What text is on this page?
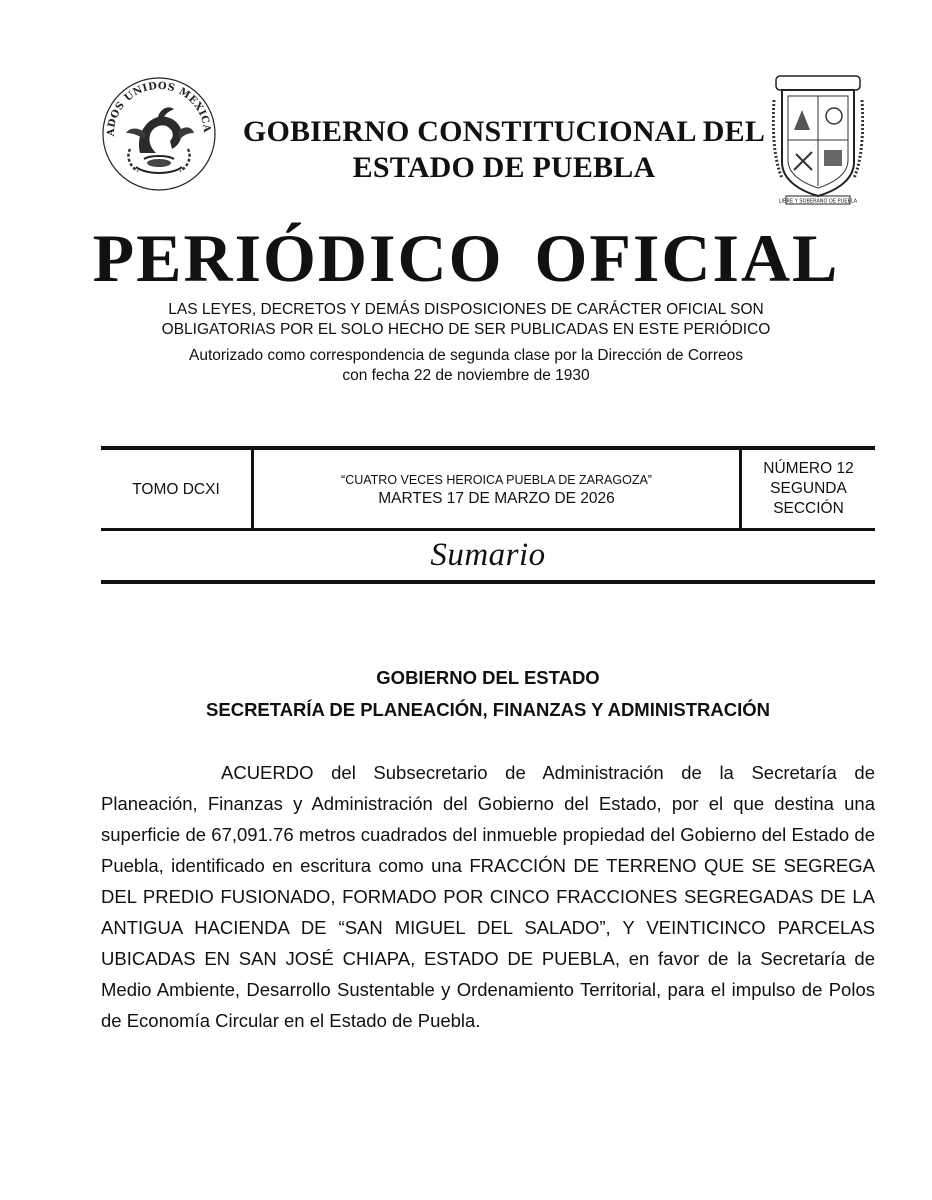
ADOS UNIDOS MEXICA
LIBRE Y SOBERANO DE PUEBLA
GOBIERNO CONSTITUCIONAL DEL
ESTADO DE PUEBLA
PERIÓDICO OFICIAL
LAS LEYES, DECRETOS Y DEMÁS DISPOSICIONES DE CARÁCTER OFICIAL SON
OBLIGATORIAS POR EL SOLO HECHO DE SER PUBLICADAS EN ESTE PERIÓDICO
Autorizado como correspondencia de segunda clase por la Dirección de Correos
con fecha 22 de noviembre de 1930
TOMO DCXI
“CUATRO VECES HEROICA PUEBLA DE ZARAGOZA”
MARTES 17 DE MARZO DE 2026
NÚMERO 12
SEGUNDA
SECCIÓN
Sumario
GOBIERNO DEL ESTADO
SECRETARÍA DE PLANEACIÓN, FINANZAS Y ADMINISTRACIÓN

ACUERDO del Subsecretario de Administración de la Secretaría de Planeación, Finanzas y Administración del Gobierno del Estado, por el que destina una superficie de 67,091.76 metros cuadrados del inmueble propiedad del Gobierno del Estado de Puebla, identificado en escritura como una FRACCIÓN DE TERRENO QUE SE SEGREGA DEL PREDIO FUSIONADO, FORMADO POR CINCO FRACCIONES SEGREGADAS DE LA ANTIGUA HACIENDA DE “SAN MIGUEL DEL SALADO”, Y VEINTICINCO PARCELAS UBICADAS EN SAN JOSÉ CHIAPA, ESTADO DE PUEBLA, en favor de la Secretaría de Medio Ambiente, Desarrollo Sustentable y Ordenamiento Territorial, para el impulso de Polos de Economía Circular en el Estado de Puebla.
